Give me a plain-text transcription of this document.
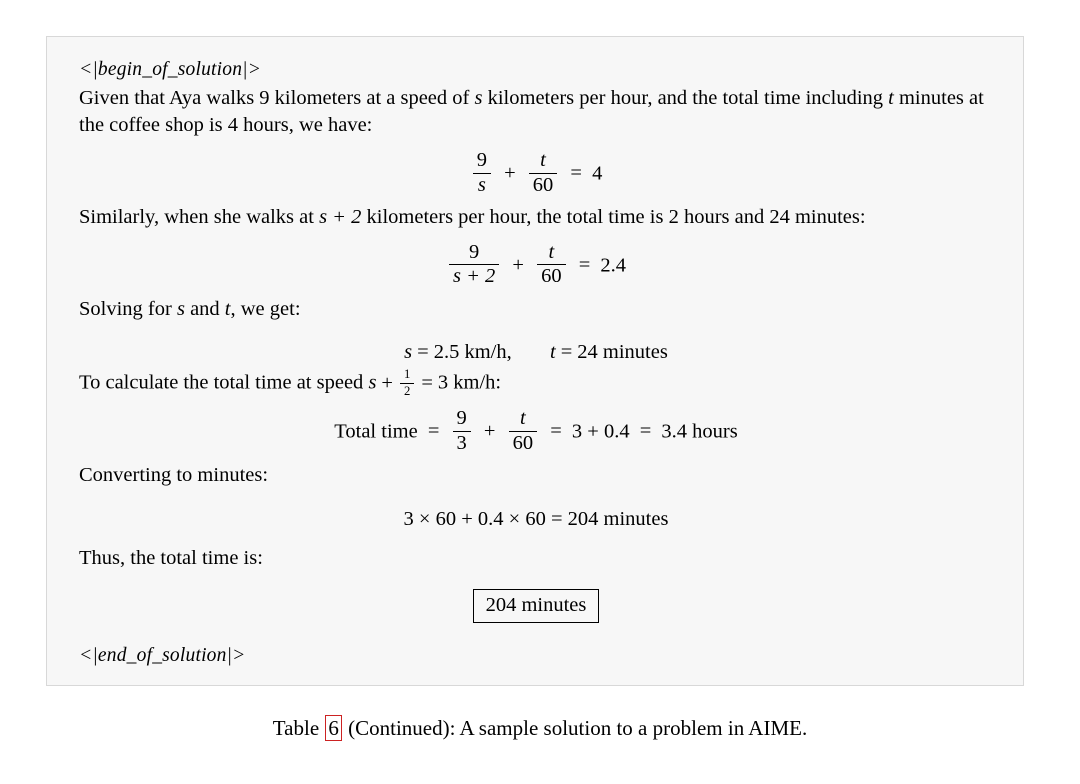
<|begin_of_solution|>
Given that Aya walks 9 kilometers at a speed of s kilometers per hour, and the total time including t minutes at the coffee shop is 4 hours, we have:
$\frac{9}{s} + \frac{t}{60} = 4$
Similarly, when she walks at s + 2 kilometers per hour, the total time is 2 hours and 24 minutes:
$\frac{9}{s + 2} + \frac{t}{60} = 2.4$
Solving for s and t, we get:
s = 2.5 km/h, t = 24 minutes
To calculate the total time at speed $s + \frac{1}{2} = 3$ km/h:
Total time = $\frac{9}{3} + \frac{t}{60} = 3 + 0.4 = 3.4$ hours
Converting to minutes:
3 × 60 + 0.4 × 60 = 204 minutes
Thus, the total time is:
204 minutes
<|end_of_solution|>
Table 6 (Continued): A sample solution to a problem in AIME.
